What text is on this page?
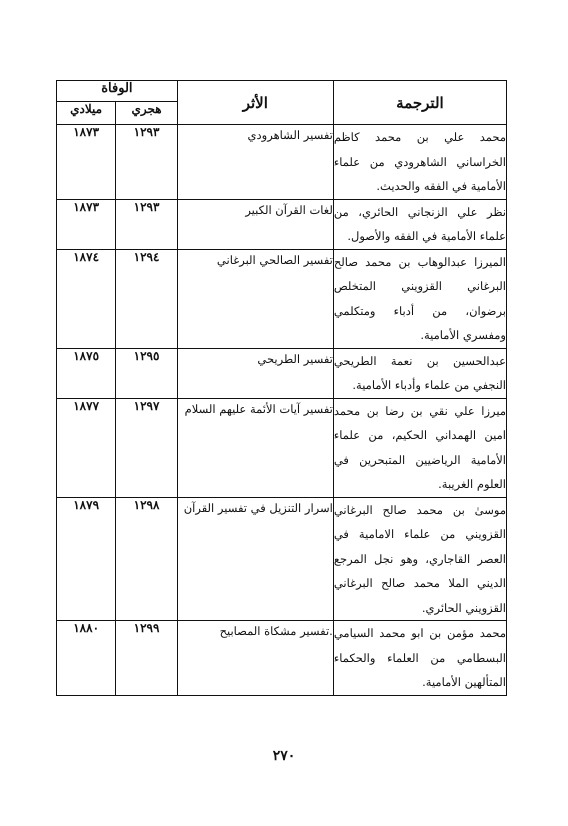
الترجمة	الأثر	الوفاة	
		هجري	ميلادي
محمد علي بن محمد كاظم الخراساني الشاهرودي من علماء الأمامية في الفقه والحديث.	تفسير الشاهرودي	١٢٩٣	١٨٧٣
نظر علي الزنجاني الحائري، من علماء الأمامية في الفقه والأصول.	لغات القرآن الكبير	١٢٩٣	١٨٧٣
الميرزا عبدالوهاب بن محمد صالح البرغاني القزويني المتخلص برضوان، من أدباء ومتكلمي ومفسري الأمامية.	تفسير الصالحي البرغاني	١٢٩٤	١٨٧٤
عبدالحسين بن نعمة الطريحي النجفي من علماء وأدباء الأمامية.	تفسير الطريحي	١٢٩٥	١٨٧٥
ميرزا علي نقي بن رضا بن محمد امين الهمداني الحكيم، من علماء الأمامية الرياضيين المتبحرين في العلوم الغريبة.	تفسير آيات الأئمة عليهم السلام	١٢٩٧	١٨٧٧
موسىٰ بن محمد صالح البرغاني القزويني من علماء الامامية في العصر القاجاري، وهو نجل المرجع الديني الملا محمد صالح البرغاني القزويني الحائري.	اسرار التنزيل في تفسير القرآن	١٢٩٨	١٨٧٩
محمد مؤمن بن ابو محمد السيامي البسطامي من العلماء والحكماء المتألهين الأمامية.	.تفسير مشكاة المصابيح	١٢٩٩	١٨٨٠
٢٧٠
